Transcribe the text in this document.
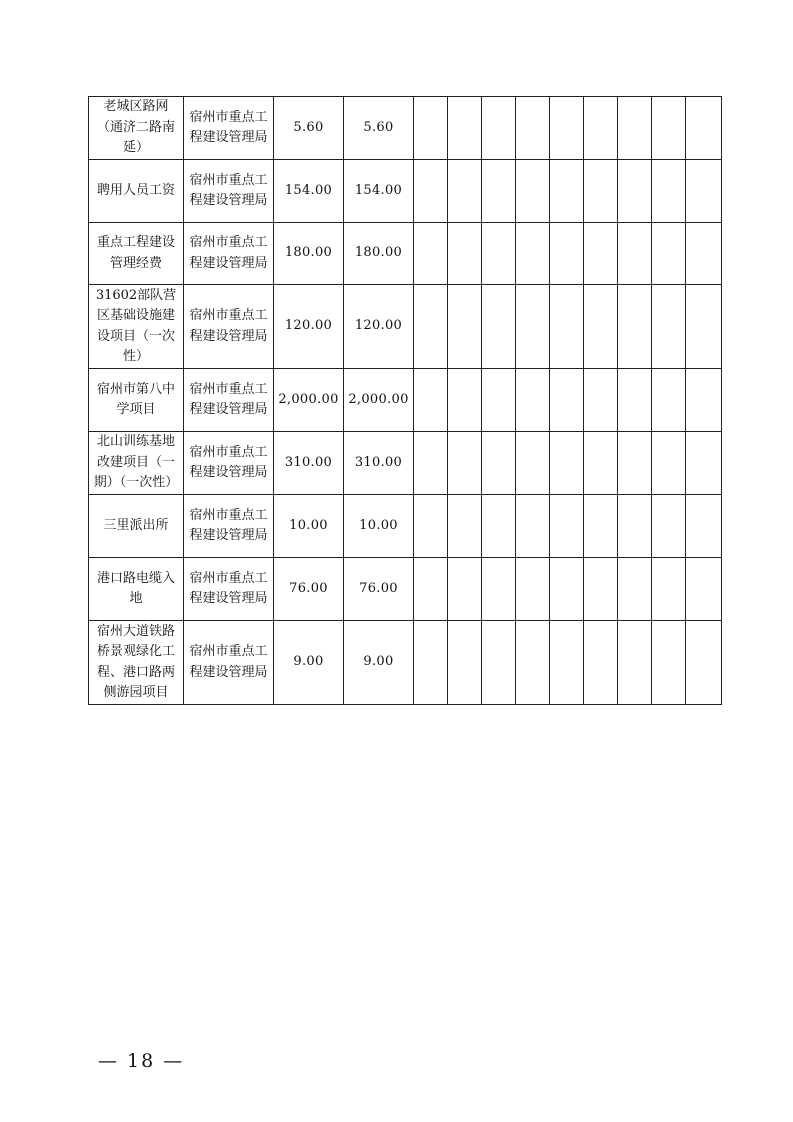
老城区路网（通济二路南延）	宿州市重点工程建设管理局	5.60	5.60									
聘用人员工资	宿州市重点工程建设管理局	154.00	154.00									
重点工程建设管理经费	宿州市重点工程建设管理局	180.00	180.00									
31602部队营区基础设施建设项目（一次性）	宿州市重点工程建设管理局	120.00	120.00									
宿州市第八中学项目	宿州市重点工程建设管理局	2,000.00	2,000.00									
北山训练基地改建项目（一期）（一次性）	宿州市重点工程建设管理局	310.00	310.00									
三里派出所	宿州市重点工程建设管理局	10.00	10.00									
港口路电缆入地	宿州市重点工程建设管理局	76.00	76.00									
宿州大道铁路桥景观绿化工程、港口路两侧游园项目	宿州市重点工程建设管理局	9.00	9.00									
— 18 —
